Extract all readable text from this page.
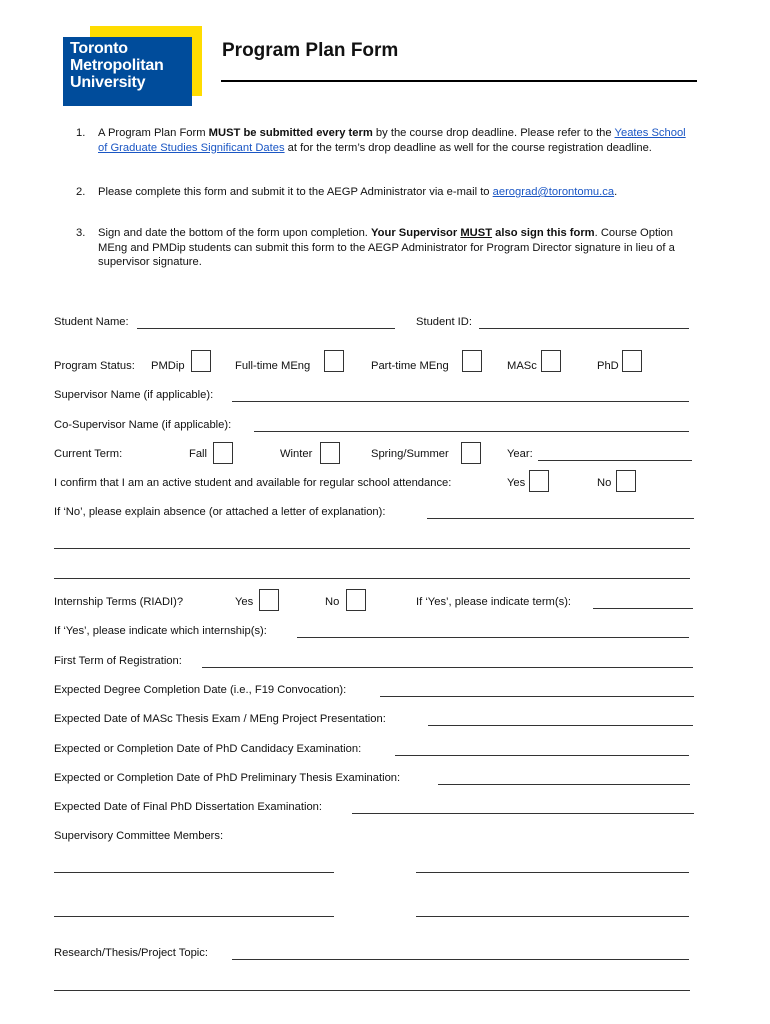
Toronto
Metropolitan
University
Program Plan Form
1. A Program Plan Form MUST be submitted every term by the course drop deadline. Please refer to the Yeates School of Graduate Studies Significant Dates at for the term’s drop deadline as well for the course registration deadline.
2. Please complete this form and submit it to the AEGP Administrator via e-mail to aerograd@torontomu.ca.
3. Sign and date the bottom of the form upon completion. Your Supervisor MUST also sign this form. Course Option MEng and PMDip students can submit this form to the AEGP Administrator for Program Director signature in lieu of a supervisor signature.
Student Name:	Student ID:
Program Status: PMDip	Full-time MEng	Part-time MEng	MASc	PhD
Supervisor Name (if applicable):
Co-Supervisor Name (if applicable):
Current Term:	Fall	Winter	Spring/Summer	Year:
I confirm that I am an active student and available for regular school attendance:	Yes	No
If ‘No’, please explain absence (or attached a letter of explanation):
Internship Terms (RIADI)?	Yes	No	If ‘Yes’, please indicate term(s):
If ‘Yes’, please indicate which internship(s):
First Term of Registration:
Expected Degree Completion Date (i.e., F19 Convocation):
Expected Date of MASc Thesis Exam / MEng Project Presentation:
Expected or Completion Date of PhD Candidacy Examination:
Expected or Completion Date of PhD Preliminary Thesis Examination:
Expected Date of Final PhD Dissertation Examination:
Supervisory Committee Members:
Research/Thesis/Project Topic:
